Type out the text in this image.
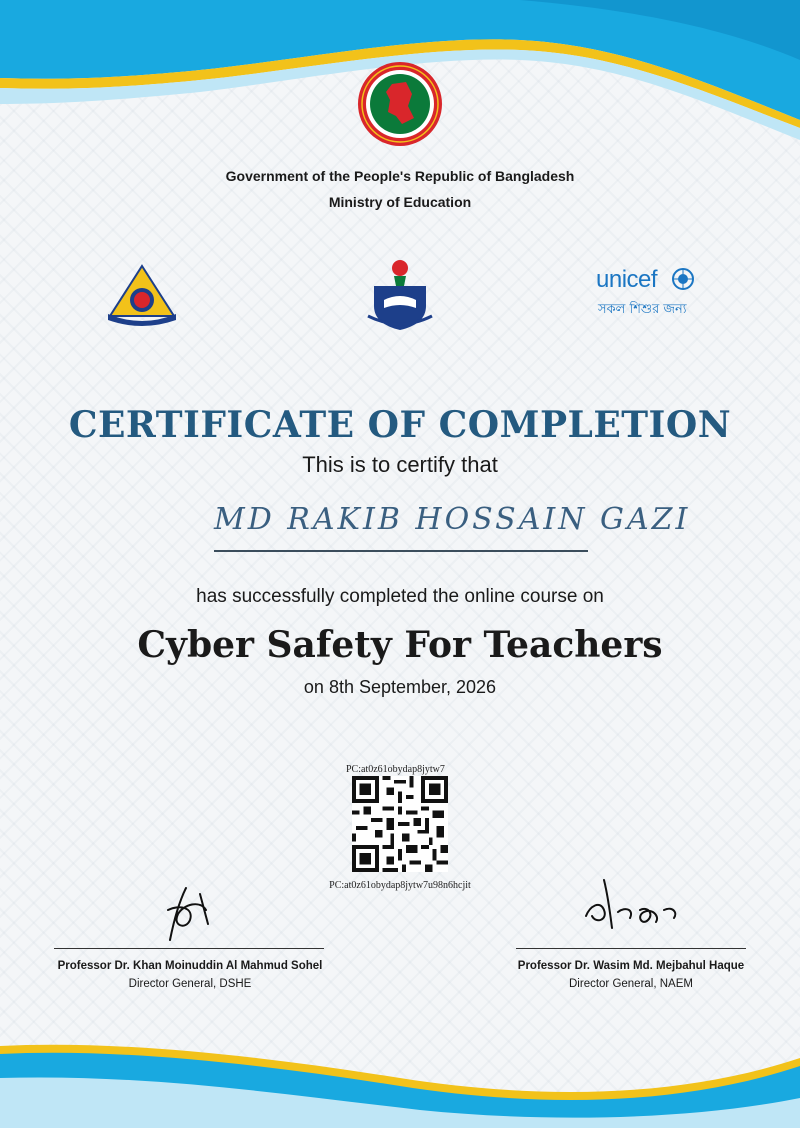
Government of the People's Republic of Bangladesh
Ministry of Education
unicef
সকল শিশুর জন্য
CERTIFICATE OF COMPLETION
This is to certify that
MD RAKIB HOSSAIN GAZI
has successfully completed the online course on
Cyber Safety For Teachers
on 8th September, 2026
PC:at0z61obydap8jytw7
PC:at0z61obydap8jytw7u98n6hcjit
Professor Dr. Khan Moinuddin Al Mahmud Sohel
Director General, DSHE
Professor Dr. Wasim Md. Mejbahul Haque
Director General, NAEM
